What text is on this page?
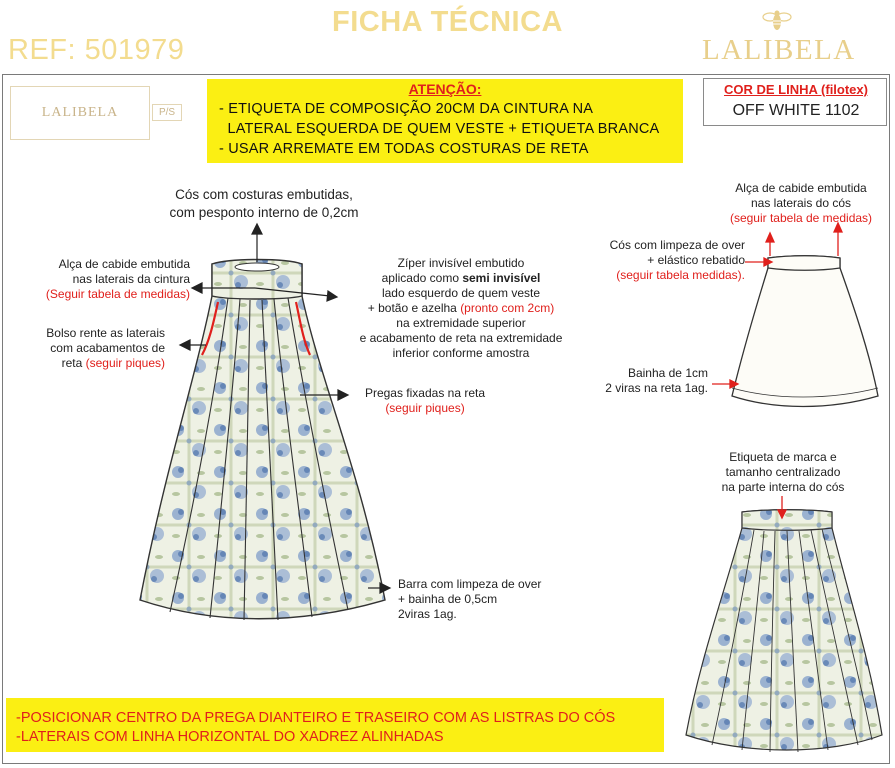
FICHA TÉCNICA
REF: 501979	LALIBELA
LALIBELA	P/S
ATENÇÃO:
- ETIQUETA DE COMPOSIÇÃO 20CM DA CINTURA NA
LATERAL ESQUERDA DE QUEM VESTE + ETIQUETA BRANCA
- USAR ARREMATE EM TODAS COSTURAS DE RETA
COR DE LINHA (filotex)
OFF WHITE 1102
Cós com costuras embutidas,
com pesponto interno de 0,2cm
Alça de cabide embutida
nas laterais da cintura
(Seguir tabela de medidas)
Bolso rente as laterais
com acabamentos de
reta (seguir piques)
Zíper invisível embutido
aplicado como semi invisível
lado esquerdo de quem veste
+ botão e azelha (pronto com 2cm)
na extremidade superior
e acabamento de reta na extremidade
inferior conforme amostra
Pregas fixadas na reta
(seguir piques)
Barra com limpeza de over
+ bainha de 0,5cm
2viras 1ag.
Alça de cabide embutida
nas laterais do cós
(seguir tabela de medidas)
Cós com limpeza de over
+ elástico rebatido
(seguir tabela medidas).
Bainha de 1cm
2 viras na reta 1ag.
Etiqueta de marca e
tamanho centralizado
na parte interna do cós
-POSICIONAR CENTRO DA PREGA DIANTEIRO E TRASEIRO COM AS LISTRAS DO CÓS
-LATERAIS COM LINHA HORIZONTAL DO XADREZ ALINHADAS
